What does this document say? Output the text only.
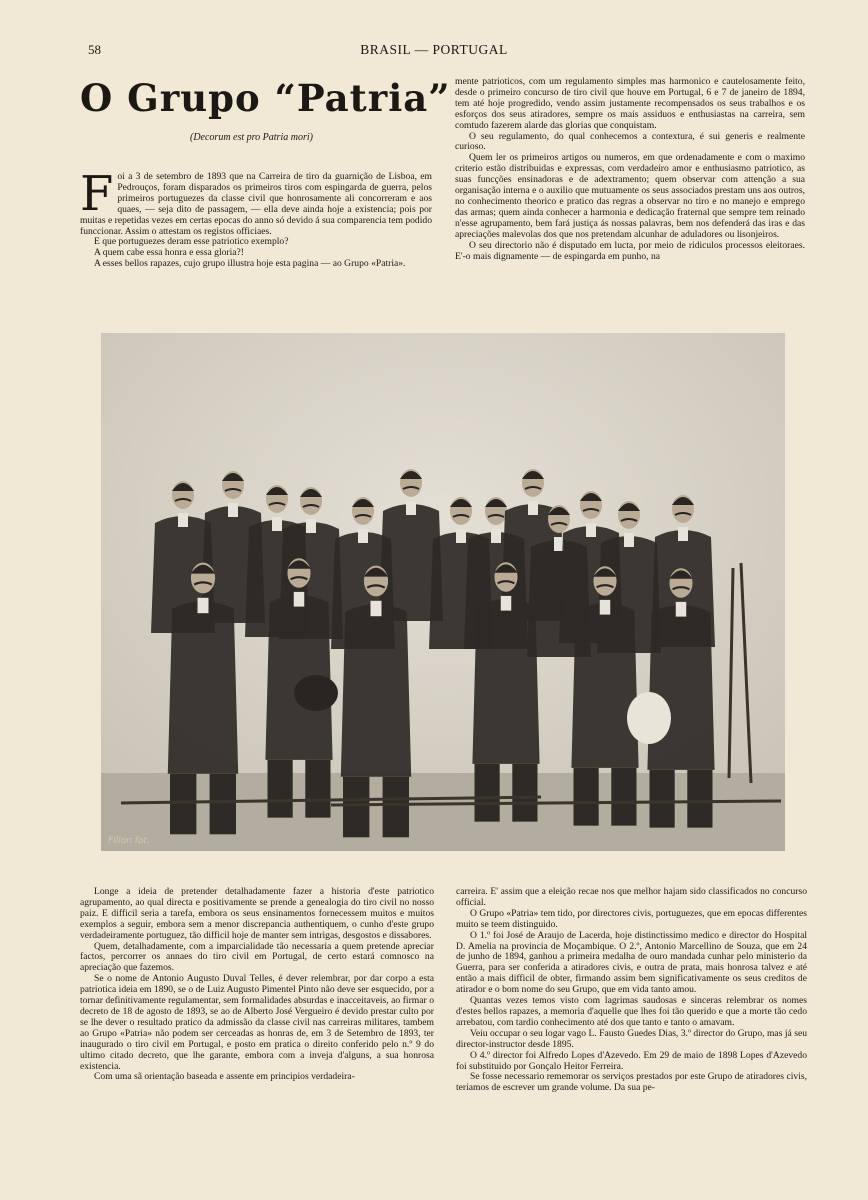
58	BRASIL — PORTUGAL
O Grupo “Patria”
(Decorum est pro Patria mori)
F oi a 3 de setembro de 1893 que na Carreira de tiro da guarnição de Lisboa, em Pedrouços, foram disparados os primeiros tiros com espingarda de guerra, pelos primeiros portuguezes da classe civil que honrosamente ali concorreram e aos quaes, — seja dito de passagem, — ella deve ainda hoje a existencia; pois por muitas e repetidas vezes em certas epocas do anno só devido á sua comparencia tem podido funccionar. Assim o attestam os registos officiaes.

E que portuguezes deram esse patriotico exemplo?

A quem cabe essa honra e essa gloria?!

A esses bellos rapazes, cujo grupo illustra hoje esta pagina — ao Grupo «Patria».

mente patrioticos, com um regulamento simples mas harmonico e cautelosamente feito, desde o primeiro concurso de tiro civil que houve em Portugal, 6 e 7 de janeiro de 1894, tem até hoje progredido, vendo assim justamente recompensados os seus trabalhos e os esforços dos seus atiradores, sempre os mais assiduos e enthusiastas na carreira, sem comtudo fazerem alarde das glorias que conquistam.

O seu regulamento, do qual conhecemos a contextura, é sui generis e realmente curioso.

Quem ler os primeiros artigos ou numeros, em que ordenadamente e com o maximo criterio estão distribuidas e expressas, com verdadeiro amor e enthusiasmo patriotico, as suas funcções ensinadoras e de adextramento; quem observar com attenção a sua organisação interna e o auxilio que mutuamente os seus associados prestam uns aos outros, no conhecimento theorico e pratico das regras a observar no tiro e no manejo e emprego das armas; quem ainda conhecer a harmonia e dedicação fraternal que sempre tem reinado n'esse agrupamento, bem fará justiça ás nossas palavras, bem nos defenderá das iras e das apreciações malevolas dos que nos pretendam alcunhar de aduladores ou lisonjeiros.

O seu directorio não é disputado em lucta, por meio de ridiculos processos eleitoraes. E'-o mais dignamente — de espingarda em punho, na

Fillon fot.

Longe a ideia de pretender detalhadamente fazer a historia d'este patriotico agrupamento, ao qual directa e positivamente se prende a genealogia do tiro civil no nosso paiz. E difficil seria a tarefa, embora os seus ensinamentos fornecessem muitos e muitos exemplos a seguir, embora sem a menor discrepancia authentiquem, o cunho d'este grupo verdadeiramente portuguez, tão difficil hoje de manter sem intrigas, desgostos e dissabores.

Quem, detalhadamente, com a imparcialidade tão necessaria a quem pretende apreciar factos, percorrer os annaes do tiro civil em Portugal, de certo estará comnosco na apreciação que fazemos.

Se o nome de Antonio Augusto Duval Telles, é dever relembrar, por dar corpo a esta patriotica ideia em 1890, se o de Luiz Augusto Pimentel Pinto não deve ser esquecido, por a tornar definitivamente regulamentar, sem formalidades absurdas e inacceitaveis, ao firmar o decreto de 18 de agosto de 1893, se ao de Alberto José Vergueiro é devido prestar culto por se lhe dever o resultado pratico da admissão da classe civil nas carreiras militares, tambem ao Grupo «Patria» não podem ser cerceadas as honras de, em 3 de Setembro de 1893, ter inaugurado o tiro civil em Portugal, e posto em pratica o direito conferido pelo n.º 9 do ultimo citado decreto, que lhe garante, embora com a inveja d'alguns, a sua honrosa existencia.

Com uma sã orientação baseada e assente em principios verdadeira-

carreira. E' assim que a eleição recae nos que melhor hajam sido classificados no concurso official.

O Grupo «Patria» tem tido, por directores civis, portuguezes, que em epocas differentes muito se teem distinguido.

O 1.º foi José de Araujo de Lacerda, hoje distinctissimo medico e director do Hospital D. Amelia na provincia de Moçambique. O 2.º, Antonio Marcellino de Souza, que em 24 de junho de 1894, ganhou a primeira medalha de ouro mandada cunhar pelo ministerio da Guerra, para ser conferida a atiradores civis, e outra de prata, mais honrosa talvez e até então a mais difficil de obter, firmando assim bem significativamente os seus creditos de atirador e o bom nome do seu Grupo, que em vida tanto amou.

Quantas vezes temos visto com lagrimas saudosas e sinceras relembrar os nomes d'estes bellos rapazes, a memoria d'aquelle que lhes foi tão querido e que a morte tão cedo arrebatou, com tardio conhecimento até dos que tanto e tanto o amavam.

Veiu occupar o seu logar vago L. Fausto Guedes Dias, 3.º director do Grupo, mas já seu director-instructor desde 1895.

O 4.º director foi Alfredo Lopes d'Azevedo. Em 29 de maio de 1898 Lopes d'Azevedo foi substituido por Gonçalo Heitor Ferreira.

Se fosse necessario rememorar os serviços prestados por este Grupo de atiradores civis, teriamos de escrever um grande volume. Da sua pe-
